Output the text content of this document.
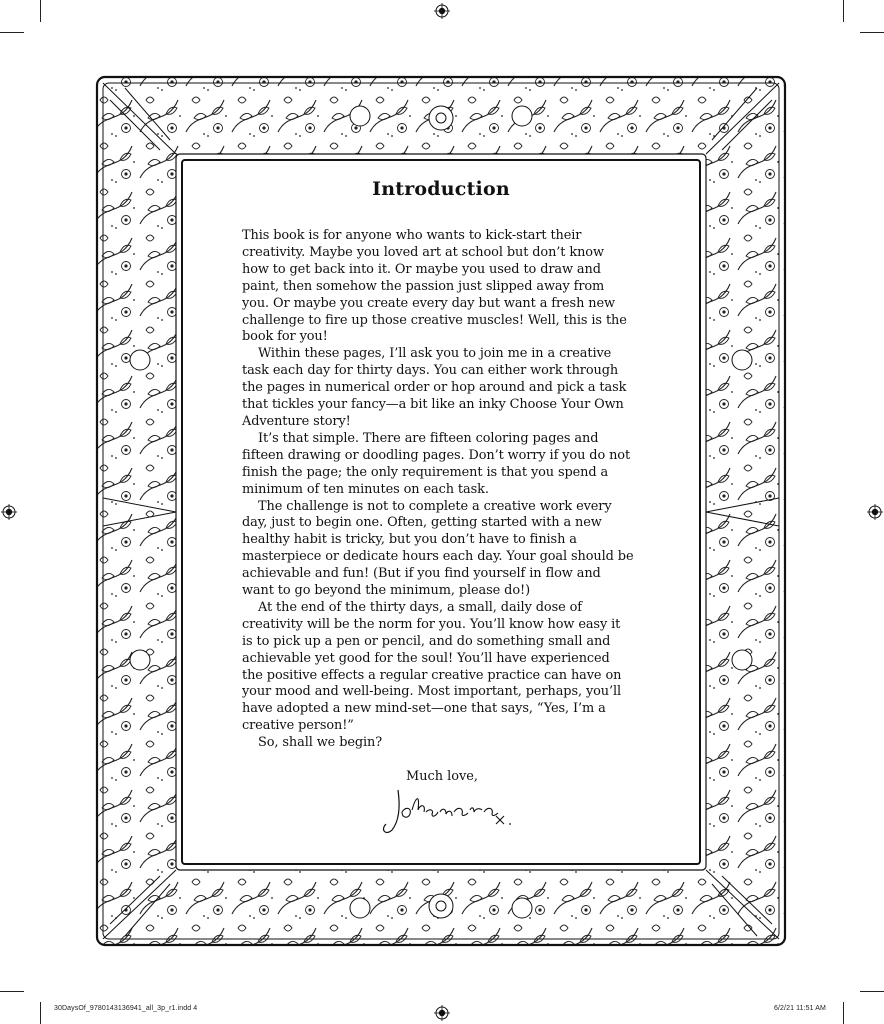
Introduction

This book is for anyone who wants to kick-start their creativity. Maybe you loved art at school but don’t know how to get back into it. Or maybe you used to draw and paint, then somehow the passion just slipped away from you. Or maybe you create every day but want a fresh new challenge to fire up those creative muscles! Well, this is the book for you!

Within these pages, I’ll ask you to join me in a creative task each day for thirty days. You can either work through the pages in numerical order or hop around and pick a task that tickles your fancy—a bit like an inky Choose Your Own Adventure story!

It’s that simple. There are fifteen coloring pages and fifteen drawing or doodling pages. Don’t worry if you do not finish the page; the only requirement is that you spend a minimum of ten minutes on each task.

The challenge is not to complete a creative work every day, just to begin one. Often, getting started with a new healthy habit is tricky, but you don’t have to finish a masterpiece or dedicate hours each day. Your goal should be achievable and fun! (But if you find yourself in flow and want to go beyond the minimum, please do!)

At the end of the thirty days, a small, daily dose of creativity will be the norm for you. You’ll know how easy it is to pick up a pen or pencil, and do something small and achievable yet good for the soul! You’ll have experienced the positive effects a regular creative practice can have on your mood and well-being. Most important, perhaps, you’ll have adopted a new mind-set—one that says, “Yes, I’m a creative person!”

So, shall we begin?

Much love,
30DaysOf_9780143136941_all_3p_r1.indd 4	6/2/21 11:51 AM
